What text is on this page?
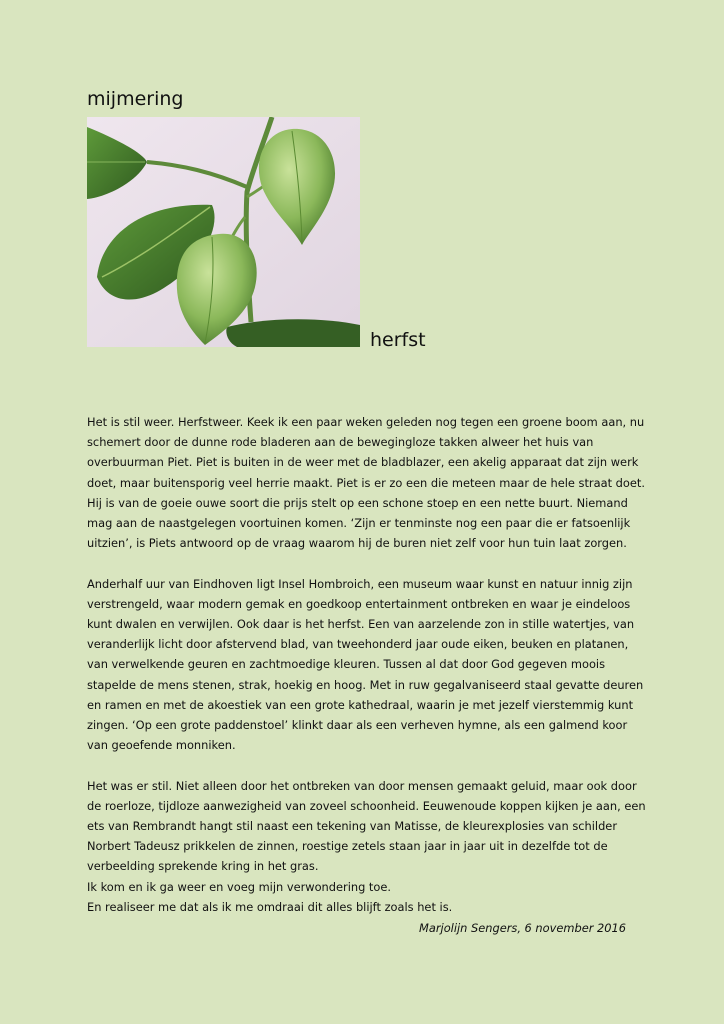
mijmering
herfst

Het is stil weer. Herfstweer. Keek ik een paar weken geleden nog tegen een groene boom aan, nu schemert door de dunne rode bladeren aan de bewegingloze takken alweer het huis van overbuurman Piet. Piet is buiten in de weer met de bladblazer, een akelig apparaat dat zijn werk doet, maar buitensporig veel herrie maakt. Piet is er zo een die meteen maar de hele straat doet. Hij is van de goeie ouwe soort die prijs stelt op een schone stoep en een nette buurt. Niemand mag aan de naastgelegen voortuinen komen. ‘Zijn er tenminste nog een paar die er fatsoenlijk uitzien’, is Piets antwoord op de vraag waarom hij de buren niet zelf voor hun tuin laat zorgen.

Anderhalf uur van Eindhoven ligt Insel Hombroich, een museum waar kunst en natuur innig zijn verstrengeld, waar modern gemak en goedkoop entertainment ontbreken en waar je eindeloos kunt dwalen en verwijlen. Ook daar is het herfst. Een van aarzelende zon in stille watertjes, van veranderlijk licht door afstervend blad, van tweehonderd jaar oude eiken, beuken en platanen, van verwelkende geuren en zachtmoedige kleuren. Tussen al dat door God gegeven moois stapelde de mens stenen, strak, hoekig en hoog. Met in ruw gegalvaniseerd staal gevatte deuren en ramen en met de akoestiek van een grote kathedraal, waarin je met jezelf vierstemmig kunt zingen. ‘Op een grote paddenstoel’ klinkt daar als een verheven hymne, als een galmend koor van geoefende monniken.

Het was er stil. Niet alleen door het ontbreken van door mensen gemaakt geluid, maar ook door de roerloze, tijdloze aanwezigheid van zoveel schoonheid. Eeuwenoude koppen kijken je aan, een ets van Rembrandt hangt stil naast een tekening van Matisse, de kleurexplosies van schilder Norbert Tadeusz prikkelen de zinnen, roestige zetels staan jaar in jaar uit in dezelfde tot de verbeelding sprekende kring in het gras.

Ik kom en ik ga weer en voeg mijn verwondering toe.

En realiseer me dat als ik me omdraai dit alles blijft zoals het is.

Marjolijn Sengers, 6 november 2016
